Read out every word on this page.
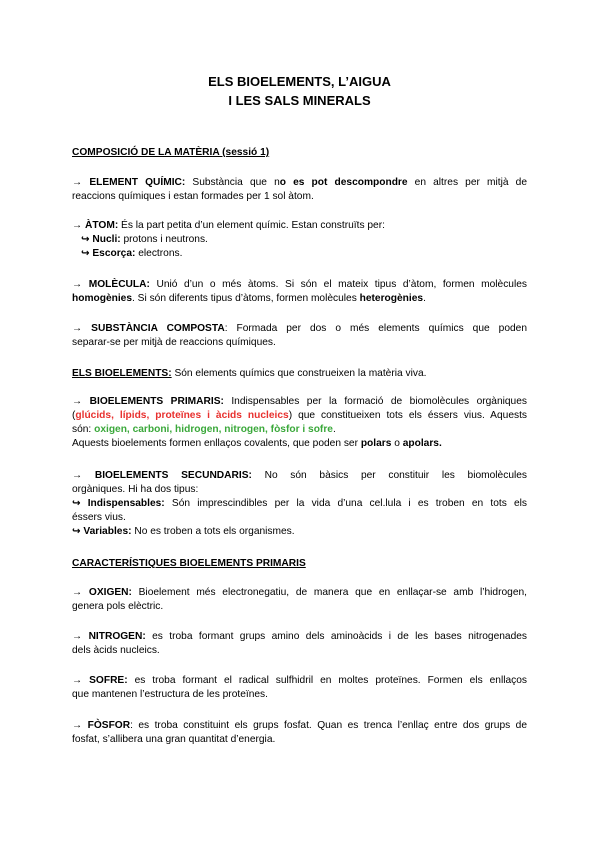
ELS BIOELEMENTS, L’AIGUA
I LES SALS MINERALS
COMPOSICIÓ DE LA MATÈRIA (sessió 1)
→ ELEMENT QUÍMIC: Substància que no es pot descompondre en altres per mitjà de
reaccions químiques i estan formades per 1 sol àtom.
→ ÀTOM: És la part petita d’un element químic. Estan construïts per:
↪ Nucli: protons i neutrons.
↪ Escorça: electrons.
→ MOLÈCULA: Unió d’un o més àtoms. Si són el mateix tipus d’àtom, formen molècules
homogènies. Si són diferents tipus d’àtoms, formen molècules heterogènies.
→ SUBSTÀNCIA COMPOSTA: Formada per dos o més elements químics que poden
separar-se per mitjà de reaccions químiques.
ELS BIOELEMENTS: Són elements químics que construeixen la matèria viva.
→ BIOELEMENTS PRIMARIS: Indispensables per la formació de biomolècules orgàniques
(glúcids, lípids, proteïnes i àcids nucleics) que constitueixen tots els éssers vius. Aquests
són: oxigen, carboni, hidrogen, nitrogen, fòsfor i sofre.
Aquests bioelements formen enllaços covalents, que poden ser polars o apolars.
→ BIOELEMENTS SECUNDARIS: No són bàsics per constituir les biomolècules
orgàniques. Hi ha dos tipus:
↪ Indispensables: Són imprescindibles per la vida d’una cel.lula i es troben en tots els
éssers vius.
↪ Variables: No es troben a tots els organismes.
CARACTERÍSTIQUES BIOELEMENTS PRIMARIS
→ OXIGEN: Bioelement més electronegatiu, de manera que en enllaçar-se amb l’hidrogen,
genera pols elèctric.
→ NITROGEN: es troba formant grups amino dels aminoàcids i de les bases nitrogenades
dels àcids nucleics.
→ SOFRE: es troba formant el radical sulfhidril en moltes proteïnes. Formen els enllaços
que mantenen l’estructura de les proteïnes.
→ FÒSFOR: es troba constituint els grups fosfat. Quan es trenca l’enllaç entre dos grups de
fosfat, s’allibera una gran quantitat d’energia.
